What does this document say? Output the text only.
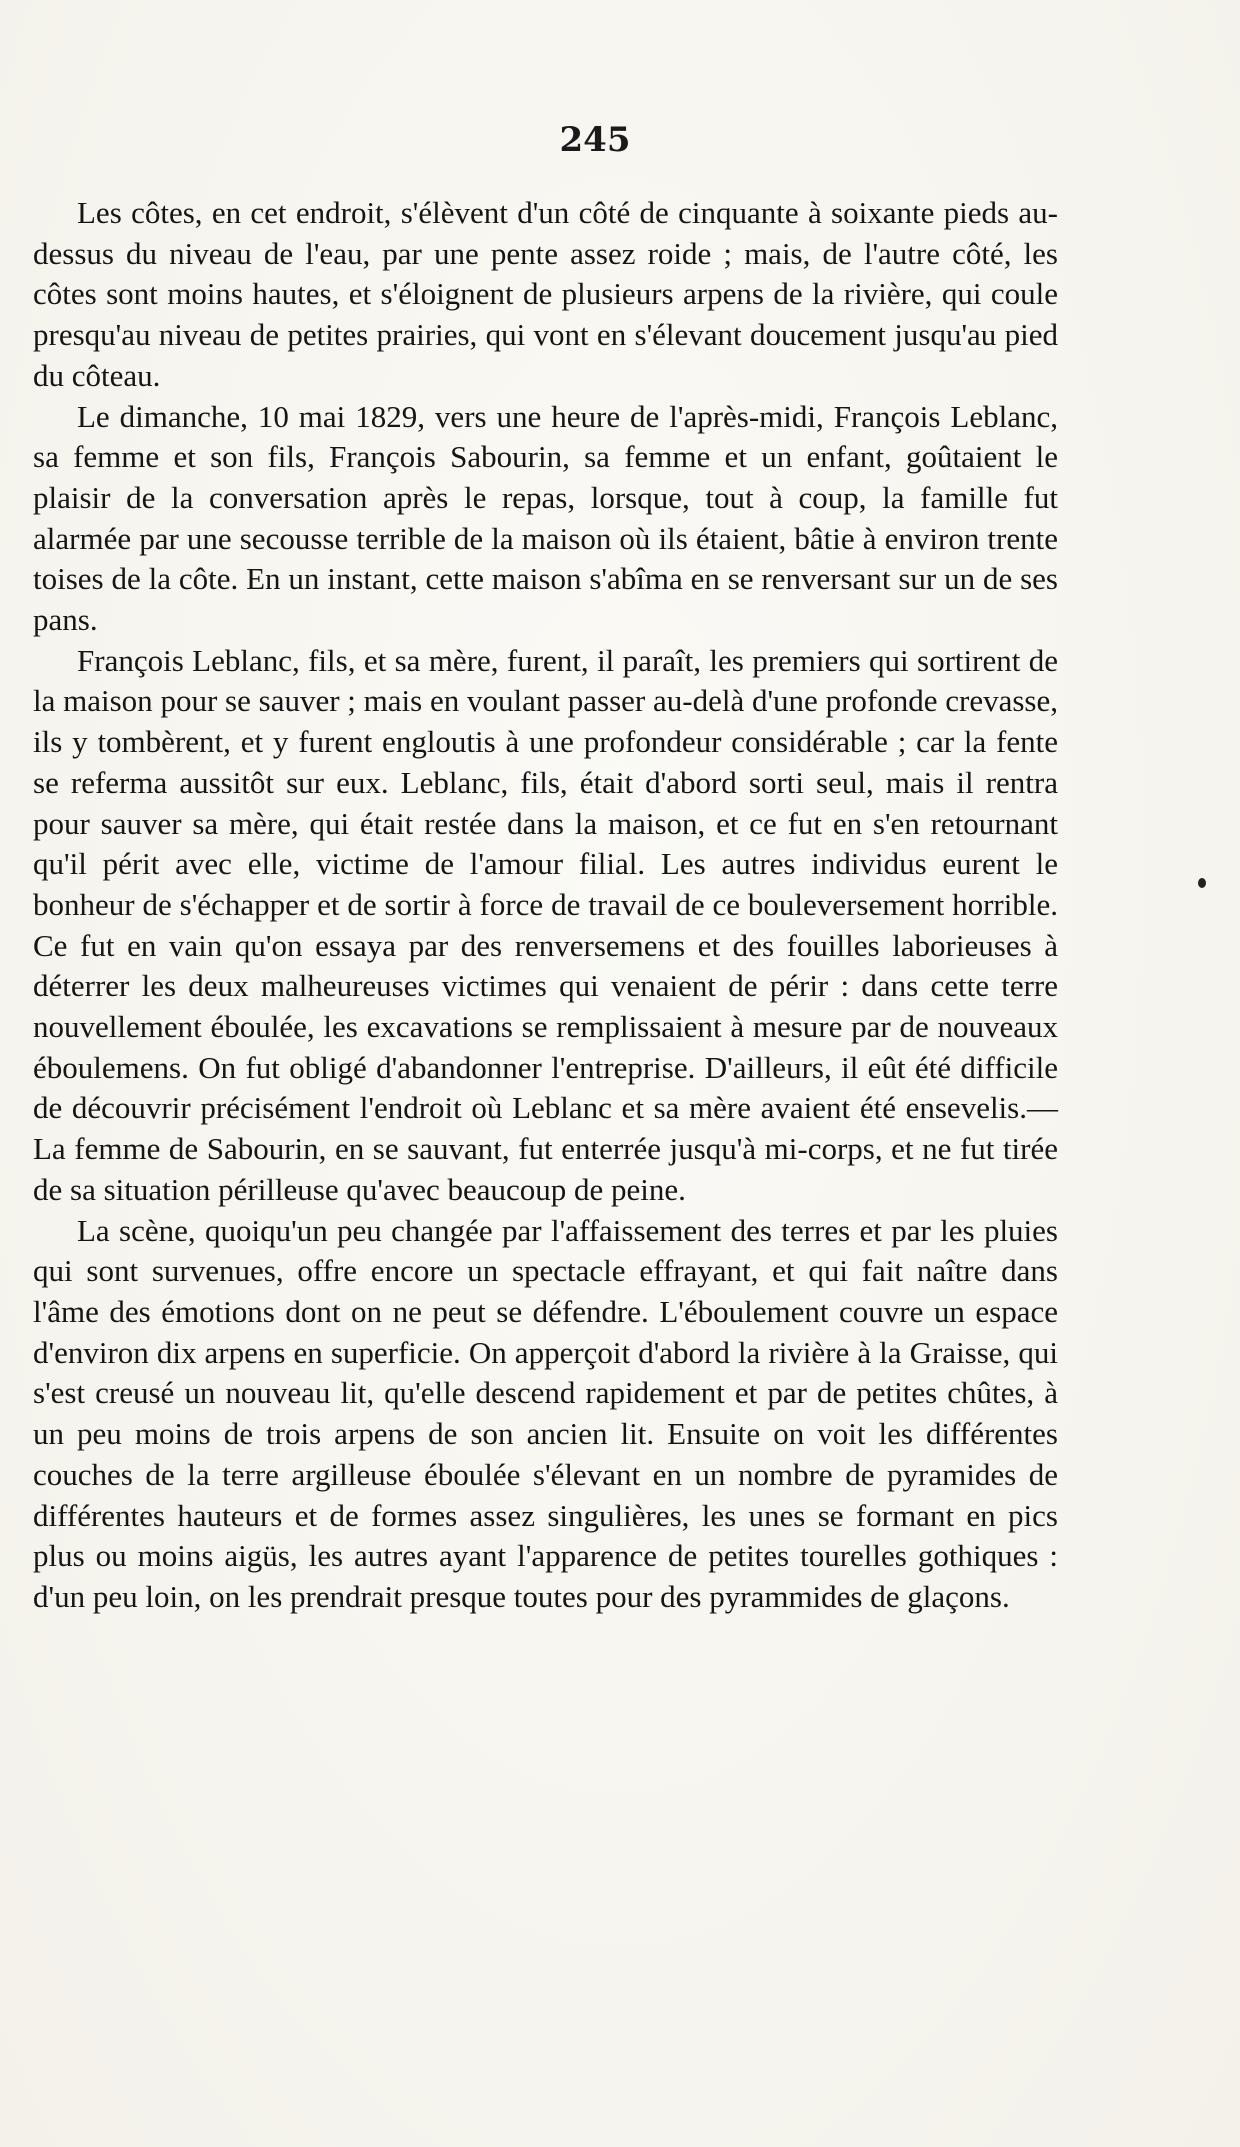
245

Les côtes, en cet endroit, s'élèvent d'un côté de cinquante à soixante pieds au-dessus du niveau de l'eau, par une pente assez roide ; mais, de l'autre côté, les côtes sont moins hautes, et s'éloignent de plusieurs arpens de la rivière, qui coule presqu'au niveau de petites prairies, qui vont en s'élevant doucement jusqu'au pied du côteau.

Le dimanche, 10 mai 1829, vers une heure de l'après-midi, François Leblanc, sa femme et son fils, François Sabourin, sa femme et un enfant, goûtaient le plaisir de la conversation après le repas, lorsque, tout à coup, la famille fut alarmée par une secousse terrible de la maison où ils étaient, bâtie à environ trente toises de la côte. En un instant, cette maison s'abîma en se renversant sur un de ses pans.

François Leblanc, fils, et sa mère, furent, il paraît, les premiers qui sortirent de la maison pour se sauver ; mais en voulant passer au-delà d'une profonde crevasse, ils y tombèrent, et y furent engloutis à une profondeur considérable ; car la fente se referma aussitôt sur eux. Leblanc, fils, était d'abord sorti seul, mais il rentra pour sauver sa mère, qui était restée dans la maison, et ce fut en s'en retournant qu'il périt avec elle, victime de l'amour filial. Les autres individus eurent le bonheur de s'échapper et de sortir à force de travail de ce bouleversement horrible. Ce fut en vain qu'on essaya par des renversemens et des fouilles laborieuses à déterrer les deux malheureuses victimes qui venaient de périr : dans cette terre nouvellement éboulée, les excavations se remplissaient à mesure par de nouveaux éboulemens. On fut obligé d'abandonner l'entreprise. D'ailleurs, il eût été difficile de découvrir précisément l'endroit où Leblanc et sa mère avaient été ensevelis.—La femme de Sabourin, en se sauvant, fut enterrée jusqu'à mi-corps, et ne fut tirée de sa situation périlleuse qu'avec beaucoup de peine.

La scène, quoiqu'un peu changée par l'affaissement des terres et par les pluies qui sont survenues, offre encore un spectacle effrayant, et qui fait naître dans l'âme des émotions dont on ne peut se défendre. L'éboulement couvre un espace d'environ dix arpens en superficie. On apperçoit d'abord la rivière à la Graisse, qui s'est creusé un nouveau lit, qu'elle descend rapidement et par de petites chûtes, à un peu moins de trois arpens de son ancien lit. Ensuite on voit les différentes couches de la terre argilleuse éboulée s'élevant en un nombre de pyramides de différentes hauteurs et de formes assez singulières, les unes se formant en pics plus ou moins aigüs, les autres ayant l'apparence de petites tourelles gothiques : d'un peu loin, on les prendrait presque toutes pour des pyrammides de glaçons.
